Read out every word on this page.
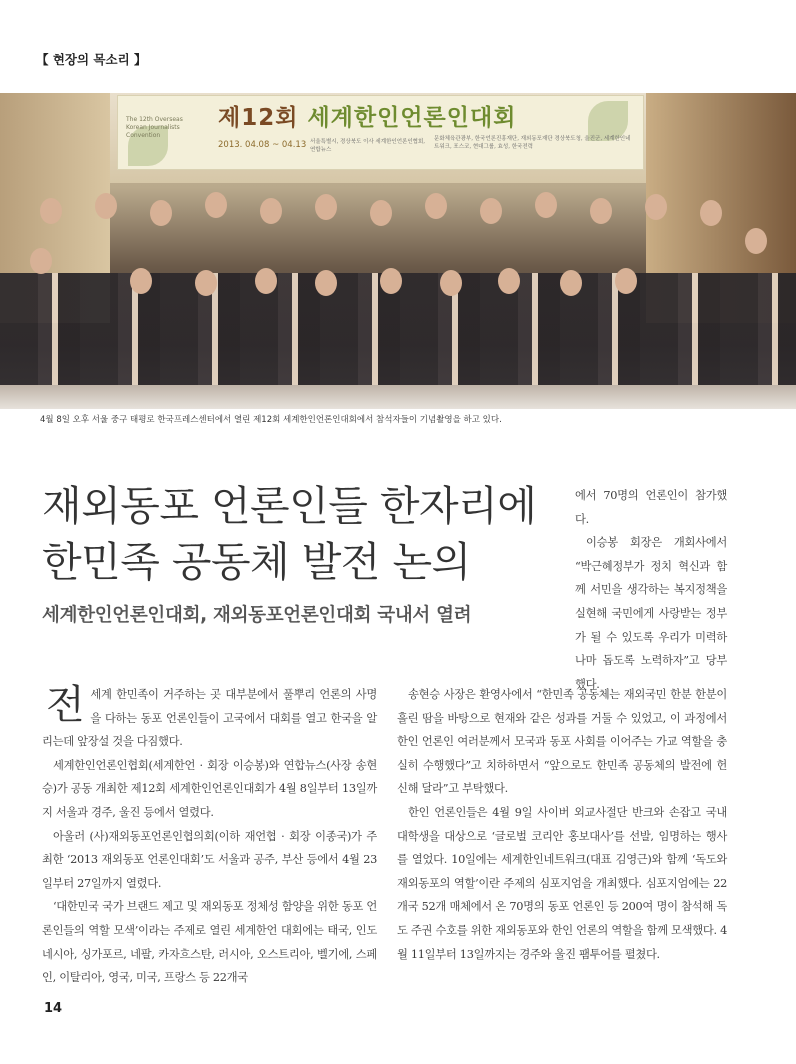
【 현장의 목소리 】
The 12th Overseas Korean Journalists Convention
제12회 세계한인언론인대회
2013. 04.08 ~ 04.13 서울특별시, 경상북도 이사 세계한인언론인협회, 연합뉴스
문화체육관광부, 한국언론진흥재단, 재외동포재단 경상북도청, 울진군, 세계한인네트워크, 포스코, 현대그룹, 효성, 한국전력
4월 8일 오후 서울 중구 태평로 한국프레스센터에서 열린 제12회 세계한인언론인대회에서 참석자들이 기념촬영을 하고 있다.
재외동포 언론인들 한자리에
한민족 공동체 발전 논의
세계한인언론인대회, 재외동포언론인대회 국내서 열려

에서 70명의 언론인이 참가했다.

이승봉 회장은 개회사에서 “박근혜정부가 정치 혁신과 함께 서민을 생각하는 복지정책을 실현해 국민에게 사랑받는 정부가 될 수 있도록 우리가 미력하나마 돕도록 노력하자”고 당부했다.

전세계 한민족이 거주하는 곳 대부분에서 풀뿌리 언론의 사명을 다하는 동포 언론인들이 고국에서 대회를 열고 한국을 알리는데 앞장설 것을 다짐했다.

세계한인언론인협회(세계한언 · 회장 이승봉)와 연합뉴스(사장 송현승)가 공동 개최한 제12회 세계한인언론인대회가 4월 8일부터 13일까지 서울과 경주, 울진 등에서 열렸다.

아울러 (사)재외동포언론인협의회(이하 재언협 · 회장 이종국)가 주최한 ‘2013 재외동포 언론인대회’도 서울과 공주, 부산 등에서 4월 23일부터 27일까지 열렸다.

‘대한민국 국가 브랜드 제고 및 재외동포 정체성 함양을 위한 동포 언론인들의 역할 모색’이라는 주제로 열린 세계한언 대회에는 태국, 인도네시아, 싱가포르, 네팔, 카자흐스탄, 러시아, 오스트리아, 벨기에, 스페인, 이탈리아, 영국, 미국, 프랑스 등 22개국

송현승 사장은 환영사에서 “한민족 공동체는 재외국민 한분 한분이 흘린 땀을 바탕으로 현재와 같은 성과를 거둘 수 있었고, 이 과정에서 한인 언론인 여러분께서 모국과 동포 사회를 이어주는 가교 역할을 충실히 수행했다”고 치하하면서 “앞으로도 한민족 공동체의 발전에 헌신해 달라”고 부탁했다.

한인 언론인들은 4월 9일 사이버 외교사절단 반크와 손잡고 국내 대학생을 대상으로 ‘글로벌 코리안 홍보대사’를 선발, 임명하는 행사를 열었다. 10일에는 세계한인네트워크(대표 김영근)와 함께 ‘독도와 재외동포의 역할’이란 주제의 심포지엄을 개최했다. 심포지엄에는 22개국 52개 매체에서 온 70명의 동포 언론인 등 200여 명이 참석해 독도 주권 수호를 위한 재외동포와 한인 언론의 역할을 함께 모색했다. 4월 11일부터 13일까지는 경주와 울진 팸투어를 펼쳤다.

14
